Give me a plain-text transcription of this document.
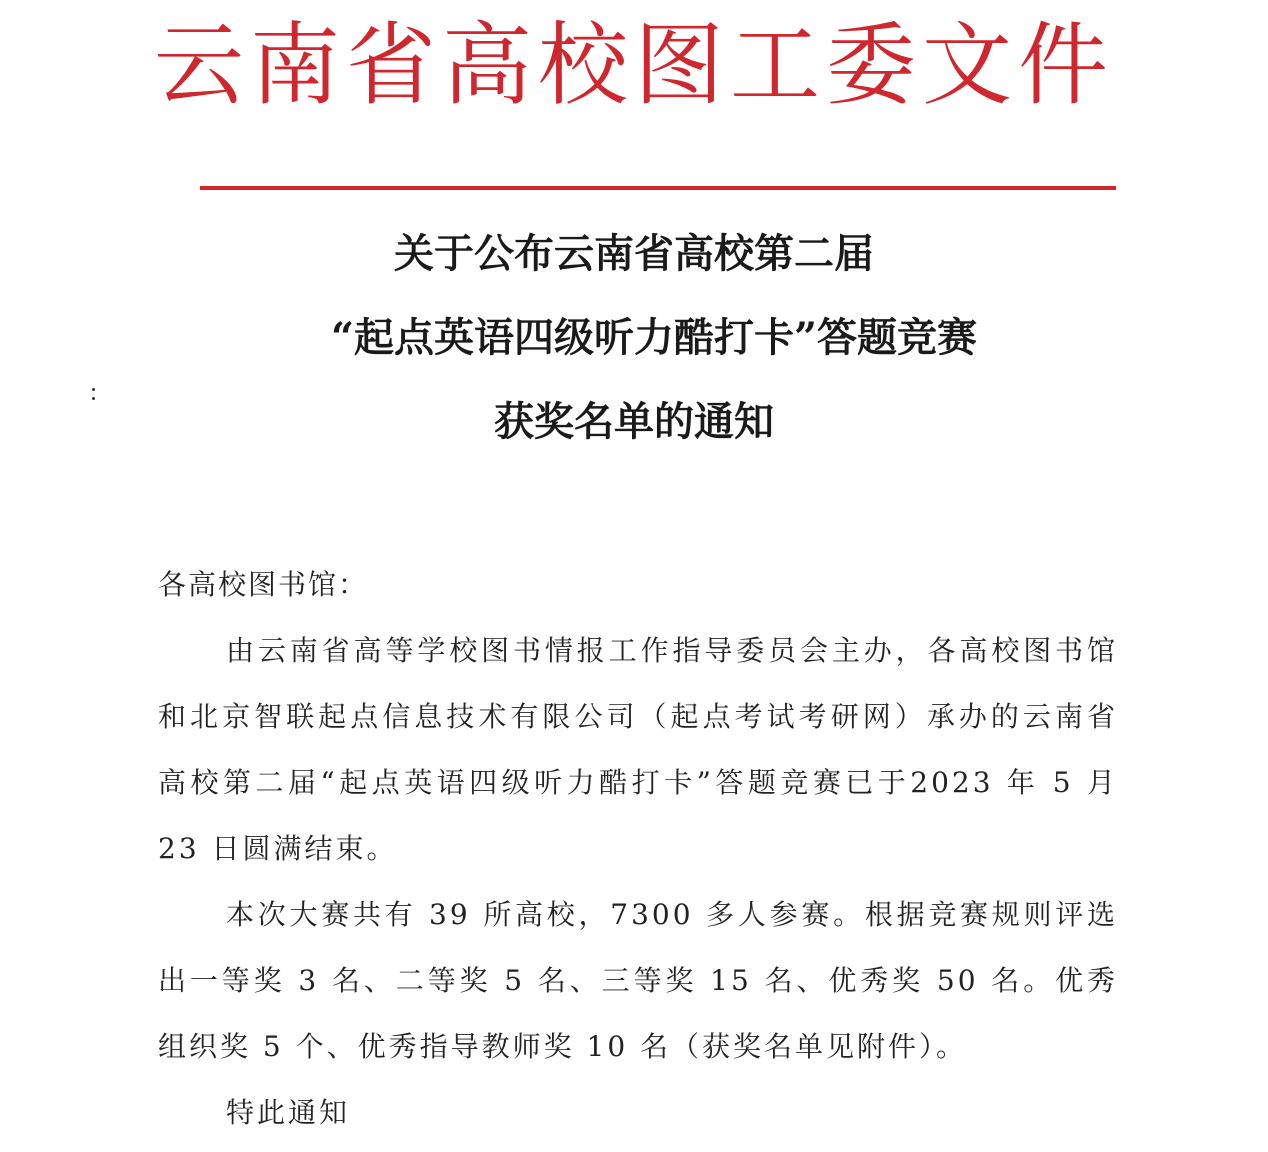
云南省高校图工委文件
关于公布云南省高校第二届
“起点英语四级听力酷打卡”答题竞赛
获奖名单的通知
各高校图书馆：

由云南省高等学校图书情报工作指导委员会主办，各高校图书馆和北京智联起点信息技术有限公司（起点考试考研网）承办的云南省高校第二届“起点英语四级听力酷打卡”答题竞赛已于2023 年 5 月 23 日圆满结束。

本次大赛共有 39 所高校，7300 多人参赛。根据竞赛规则评选出一等奖 3 名、二等奖 5 名、三等奖 15 名、优秀奖 50 名。优秀组织奖 5 个、优秀指导教师奖 10 名（获奖名单见附件）。

特此通知
